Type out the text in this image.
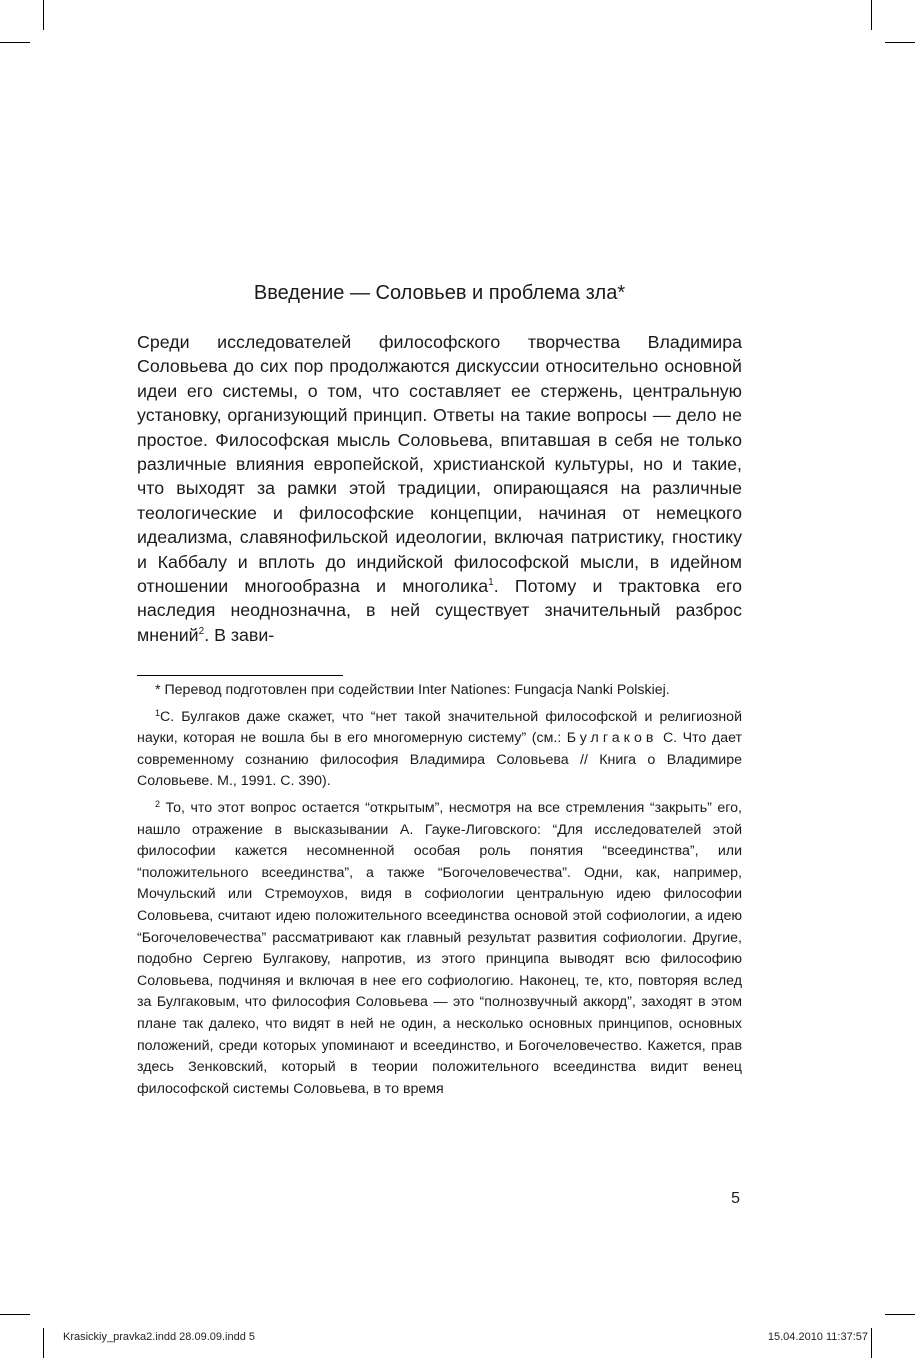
Введение — Соловьев и проблема зла*

Среди исследователей философского творчества Владимира Соловьева до сих пор продолжаются дискуссии относительно основной идеи его системы, о том, что составляет ее стержень, центральную установку, организующий принцип. Ответы на такие вопросы — дело не простое. Философская мысль Соловьева, впитавшая в себя не только различные влияния европейской, христианской культуры, но и такие, что выходят за рамки этой традиции, опирающаяся на различные теологические и философские концепции, начиная от немецкого идеализма, славянофильской идеологии, включая патристику, гностику и Каббалу и вплоть до индийской философской мысли, в идейном отношении многообразна и многолика$^1$. Потому и трактовка его наследия неоднозначна, в ней существует значительный разброс мнений$^2$. В зави-

* Перевод подготовлен при содействии Inter Nationes: Fungacja Nanki Polskiej.

$^1$С. Булгаков даже скажет, что “нет такой значительной философской и религиозной науки, которая не вошла бы в его многомерную систему” (см.: Булгаков С. Что дает современному сознанию философия Владимира Соловьева // Книга о Владимире Соловьеве. М., 1991. С. 390).

$^2$ То, что этот вопрос остается “открытым”, несмотря на все стремления “закрыть” его, нашло отражение в высказывании А. Гауке-Лиговского: “Для исследователей этой философии кажется несомненной особая роль понятия “всеединства”, или “положительного всеединства”, а также “Богочеловечества”. Одни, как, например, Мочульский или Стремоухов, видя в софиологии центральную идею философии Соловьева, считают идею положительного всеединства основой этой софиологии, а идею “Богочеловечества” рассматривают как главный результат развития софиологии. Другие, подобно Сергею Булгакову, напротив, из этого принципа выводят всю философию Соловьева, подчиняя и включая в нее его софиологию. Наконец, те, кто, повторяя вслед за Булгаковым, что философия Соловьева — это “полнозвучный аккорд”, заходят в этом плане так далеко, что видят в ней не один, а несколько основных принципов, основных положений, среди которых упоминают и всеединство, и Богочеловечество. Кажется, прав здесь Зенковский, который в теории положительного всеединства видит венец философской системы Соловьева, в то время

5
Krasickiy_pravka2.indd 28.09.09.indd 5	15.04.2010 11:37:57
